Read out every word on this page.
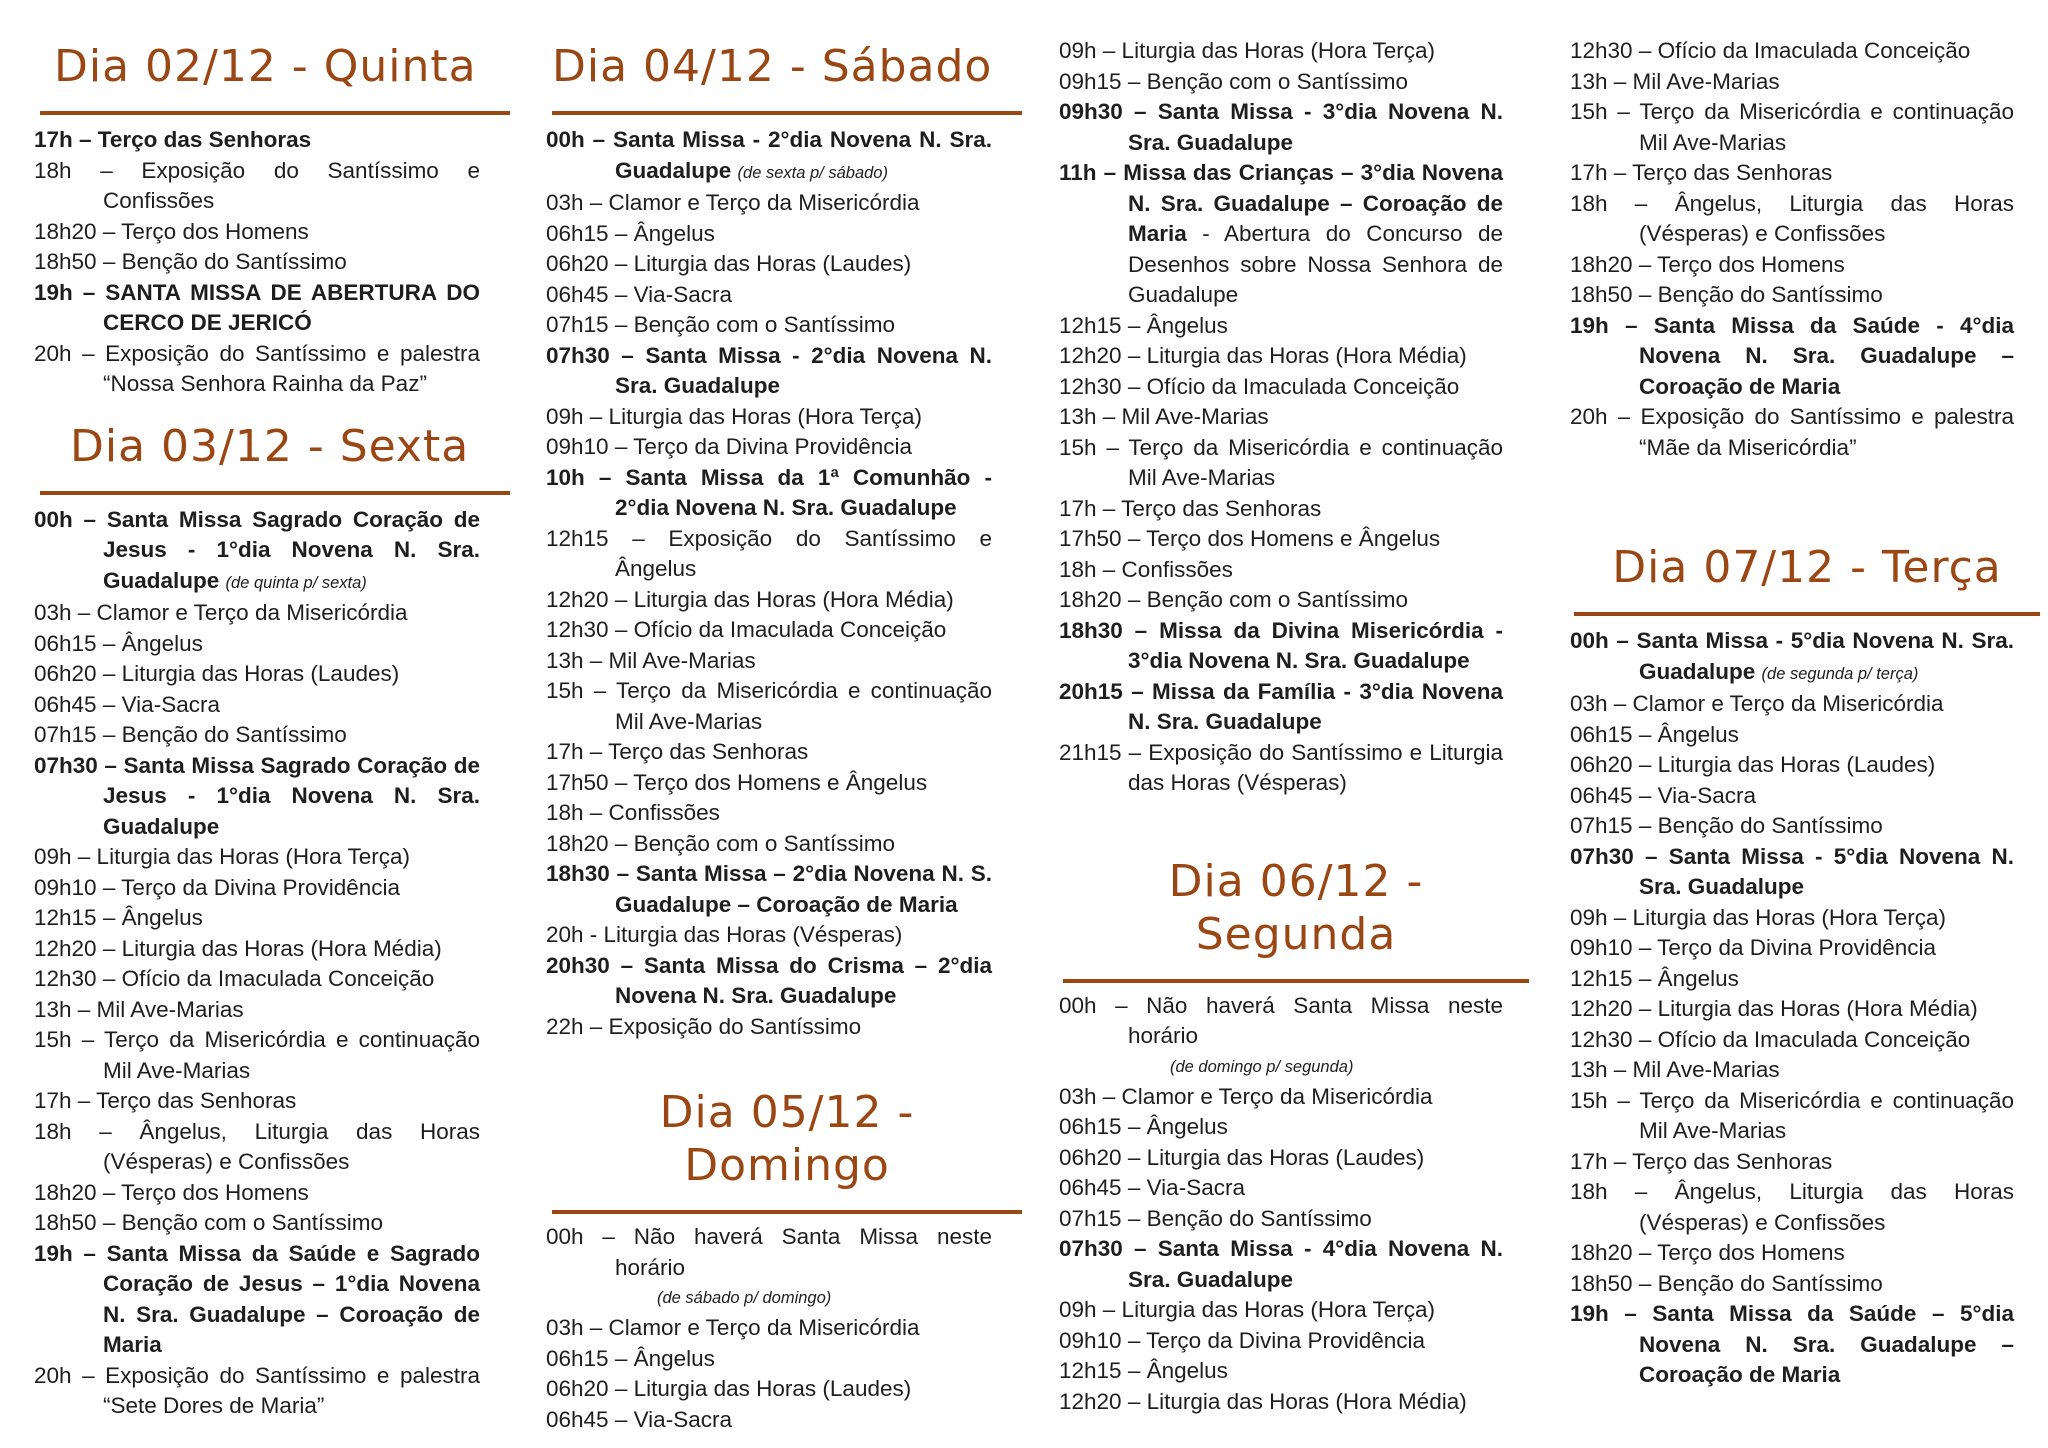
Dia 02/12 - Quinta
17h – Terço das Senhoras
18h – Exposição do Santíssimo e Confissões
18h20 – Terço dos Homens
18h50 – Benção do Santíssimo
19h – SANTA MISSA DE ABERTURA DO CERCO DE JERICÓ
20h – Exposição do Santíssimo e palestra “Nossa Senhora Rainha da Paz”
Dia 03/12 - Sexta
00h – Santa Missa Sagrado Coração de Jesus - 1°dia Novena N. Sra. Guadalupe (de quinta p/ sexta)
03h – Clamor e Terço da Misericórdia
06h15 – Ângelus
06h20 – Liturgia das Horas (Laudes)
06h45 – Via-Sacra
07h15 – Benção do Santíssimo
07h30 – Santa Missa Sagrado Coração de Jesus - 1°dia Novena N. Sra. Guadalupe
09h – Liturgia das Horas (Hora Terça)
09h10 – Terço da Divina Providência
12h15 – Ângelus
12h20 – Liturgia das Horas (Hora Média)
12h30 – Ofício da Imaculada Conceição
13h – Mil Ave-Marias
15h – Terço da Misericórdia e continuação Mil Ave-Marias
17h – Terço das Senhoras
18h – Ângelus, Liturgia das Horas (Vésperas) e Confissões
18h20 – Terço dos Homens
18h50 – Benção com o Santíssimo
19h – Santa Missa da Saúde e Sagrado Coração de Jesus – 1°dia Novena N. Sra. Guadalupe – Coroação de Maria
20h – Exposição do Santíssimo e palestra “Sete Dores de Maria”
Dia 04/12 - Sábado
00h – Santa Missa - 2°dia Novena N. Sra. Guadalupe (de sexta p/ sábado)
03h – Clamor e Terço da Misericórdia
06h15 – Ângelus
06h20 – Liturgia das Horas (Laudes)
06h45 – Via-Sacra
07h15 – Benção com o Santíssimo
07h30 – Santa Missa - 2°dia Novena N. Sra. Guadalupe
09h – Liturgia das Horas (Hora Terça)
09h10 – Terço da Divina Providência
10h – Santa Missa da 1ª Comunhão - 2°dia Novena N. Sra. Guadalupe
12h15 – Exposição do Santíssimo e Ângelus
12h20 – Liturgia das Horas (Hora Média)
12h30 – Ofício da Imaculada Conceição
13h – Mil Ave-Marias
15h – Terço da Misericórdia e continuação Mil Ave-Marias
17h – Terço das Senhoras
17h50 – Terço dos Homens e Ângelus
18h – Confissões
18h20 – Benção com o Santíssimo
18h30 – Santa Missa – 2°dia Novena N. S. Guadalupe – Coroação de Maria
20h - Liturgia das Horas (Vésperas)
20h30 – Santa Missa do Crisma – 2°dia Novena N. Sra. Guadalupe
22h – Exposição do Santíssimo
Dia 05/12 -
Domingo
00h – Não haverá Santa Missa neste horário
(de sábado p/ domingo)
03h – Clamor e Terço da Misericórdia
06h15 – Ângelus
06h20 – Liturgia das Horas (Laudes)
06h45 – Via-Sacra
09h – Liturgia das Horas (Hora Terça)
09h15 – Benção com o Santíssimo
09h30 – Santa Missa - 3°dia Novena N. Sra. Guadalupe
11h – Missa das Crianças – 3°dia Novena N. Sra. Guadalupe – Coroação de Maria - Abertura do Concurso de Desenhos sobre Nossa Senhora de Guadalupe
12h15 – Ângelus
12h20 – Liturgia das Horas (Hora Média)
12h30 – Ofício da Imaculada Conceição
13h – Mil Ave-Marias
15h – Terço da Misericórdia e continuação Mil Ave-Marias
17h – Terço das Senhoras
17h50 – Terço dos Homens e Ângelus
18h – Confissões
18h20 – Benção com o Santíssimo
18h30 – Missa da Divina Misericórdia - 3°dia Novena N. Sra. Guadalupe
20h15 – Missa da Família - 3°dia Novena N. Sra. Guadalupe
21h15 – Exposição do Santíssimo e Liturgia das Horas (Vésperas)
Dia 06/12 -
Segunda
00h – Não haverá Santa Missa neste horário
(de domingo p/ segunda)
03h – Clamor e Terço da Misericórdia
06h15 – Ângelus
06h20 – Liturgia das Horas (Laudes)
06h45 – Via-Sacra
07h15 – Benção do Santíssimo
07h30 – Santa Missa - 4°dia Novena N. Sra. Guadalupe
09h – Liturgia das Horas (Hora Terça)
09h10 – Terço da Divina Providência
12h15 – Ângelus
12h20 – Liturgia das Horas (Hora Média)
12h30 – Ofício da Imaculada Conceição
13h – Mil Ave-Marias
15h – Terço da Misericórdia e continuação Mil Ave-Marias
17h – Terço das Senhoras
18h – Ângelus, Liturgia das Horas (Vésperas) e Confissões
18h20 – Terço dos Homens
18h50 – Benção do Santíssimo
19h – Santa Missa da Saúde - 4°dia Novena N. Sra. Guadalupe – Coroação de Maria
20h – Exposição do Santíssimo e palestra “Mãe da Misericórdia”
Dia 07/12 - Terça
00h – Santa Missa - 5°dia Novena N. Sra. Guadalupe (de segunda p/ terça)
03h – Clamor e Terço da Misericórdia
06h15 – Ângelus
06h20 – Liturgia das Horas (Laudes)
06h45 – Via-Sacra
07h15 – Benção do Santíssimo
07h30 – Santa Missa - 5°dia Novena N. Sra. Guadalupe
09h – Liturgia das Horas (Hora Terça)
09h10 – Terço da Divina Providência
12h15 – Ângelus
12h20 – Liturgia das Horas (Hora Média)
12h30 – Ofício da Imaculada Conceição
13h – Mil Ave-Marias
15h – Terço da Misericórdia e continuação Mil Ave-Marias
17h – Terço das Senhoras
18h – Ângelus, Liturgia das Horas (Vésperas) e Confissões
18h20 – Terço dos Homens
18h50 – Benção do Santíssimo
19h – Santa Missa da Saúde – 5°dia Novena N. Sra. Guadalupe – Coroação de Maria
